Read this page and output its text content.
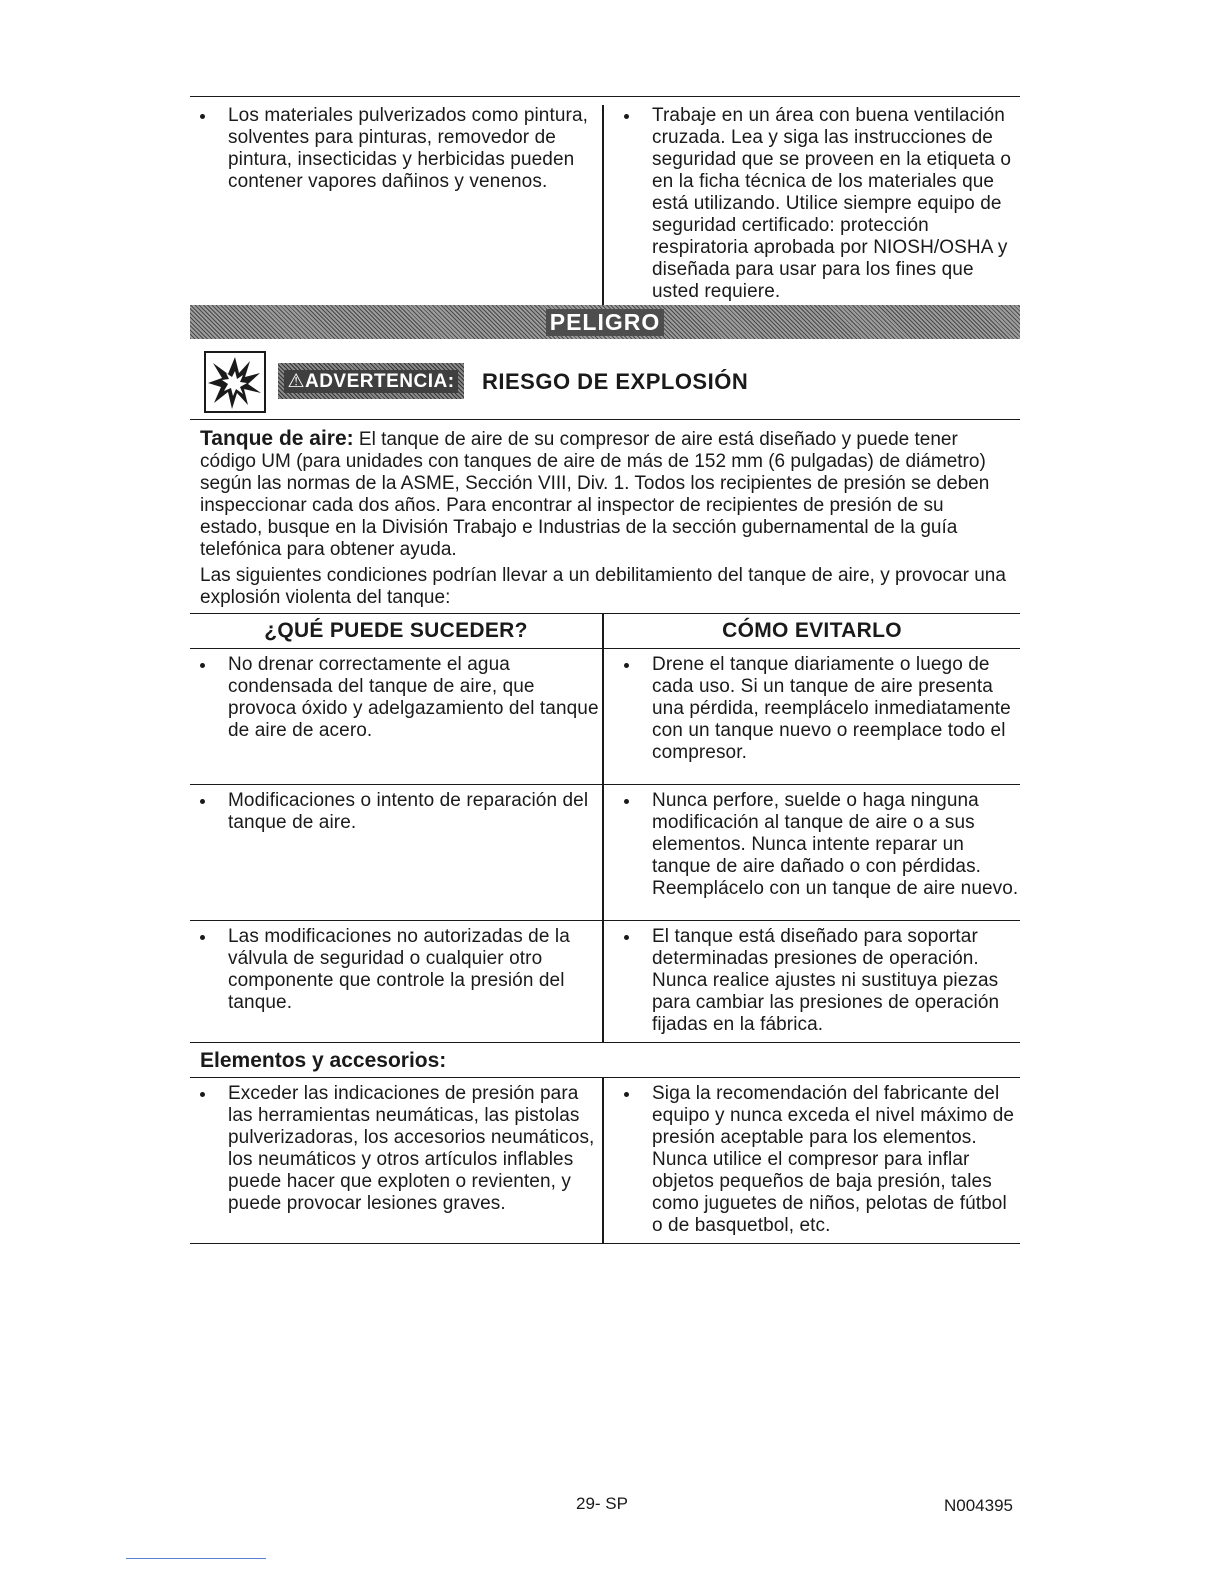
Los materiales pulverizados como pintura, solventes para pinturas, removedor de pintura, insecticidas y herbicidas pueden contener vapores dañinos y venenos.
Trabaje en un área con buena ventilación cruzada. Lea y siga las instrucciones de seguridad que se proveen en la etiqueta o en la ficha técnica de los materiales que está utilizando. Utilice siempre equipo de seguridad certificado: protección respiratoria aprobada por NIOSH/OSHA y diseñada para usar para los fines que usted requiere.
PELIGRO
⚠ADVERTENCIA: RIESGO DE EXPLOSIÓN

Tanque de aire: El tanque de aire de su compresor de aire está diseñado y puede tener código UM (para unidades con tanques de aire de más de 152 mm (6 pulgadas) de diámetro) según las normas de la ASME, Sección VIII, Div. 1. Todos los recipientes de presión se deben inspeccionar cada dos años. Para encontrar al inspector de recipientes de presión de su estado, busque en la División Trabajo e Industrias de la sección gubernamental de la guía telefónica para obtener ayuda.

Las siguientes condiciones podrían llevar a un debilitamiento del tanque de aire, y provocar una explosión violenta del tanque:

¿QUÉ PUEDE SUCEDER?	CÓMO EVITARLO
No drenar correctamente el agua condensada del tanque de aire, que provoca óxido y adelgazamiento del tanque de aire de acero.
Drene el tanque diariamente o luego de cada uso. Si un tanque de aire presenta una pérdida, reemplácelo inmediatamente con un tanque nuevo o reemplace todo el compresor.
Modificaciones o intento de reparación del tanque de aire.
Nunca perfore, suelde o haga ninguna modificación al tanque de aire o a sus elementos. Nunca intente reparar un tanque de aire dañado o con pérdidas. Reemplácelo con un tanque de aire nuevo.
Las modificaciones no autorizadas de la válvula de seguridad o cualquier otro componente que controle la presión del tanque.
El tanque está diseñado para soportar determinadas presiones de operación. Nunca realice ajustes ni sustituya piezas para cambiar las presiones de operación fijadas en la fábrica.
Elementos y accesorios:
Exceder las indicaciones de presión para las herramientas neumáticas, las pistolas pulverizadoras, los accesorios neumáticos, los neumáticos y otros artículos inflables puede hacer que exploten o revienten, y puede provocar lesiones graves.
Siga la recomendación del fabricante del equipo y nunca exceda el nivel máximo de presión aceptable para los elementos. Nunca utilice el compresor para inflar objetos pequeños de baja presión, tales como juguetes de niños, pelotas de fútbol o de basquetbol, etc.
29- SP	N004395
